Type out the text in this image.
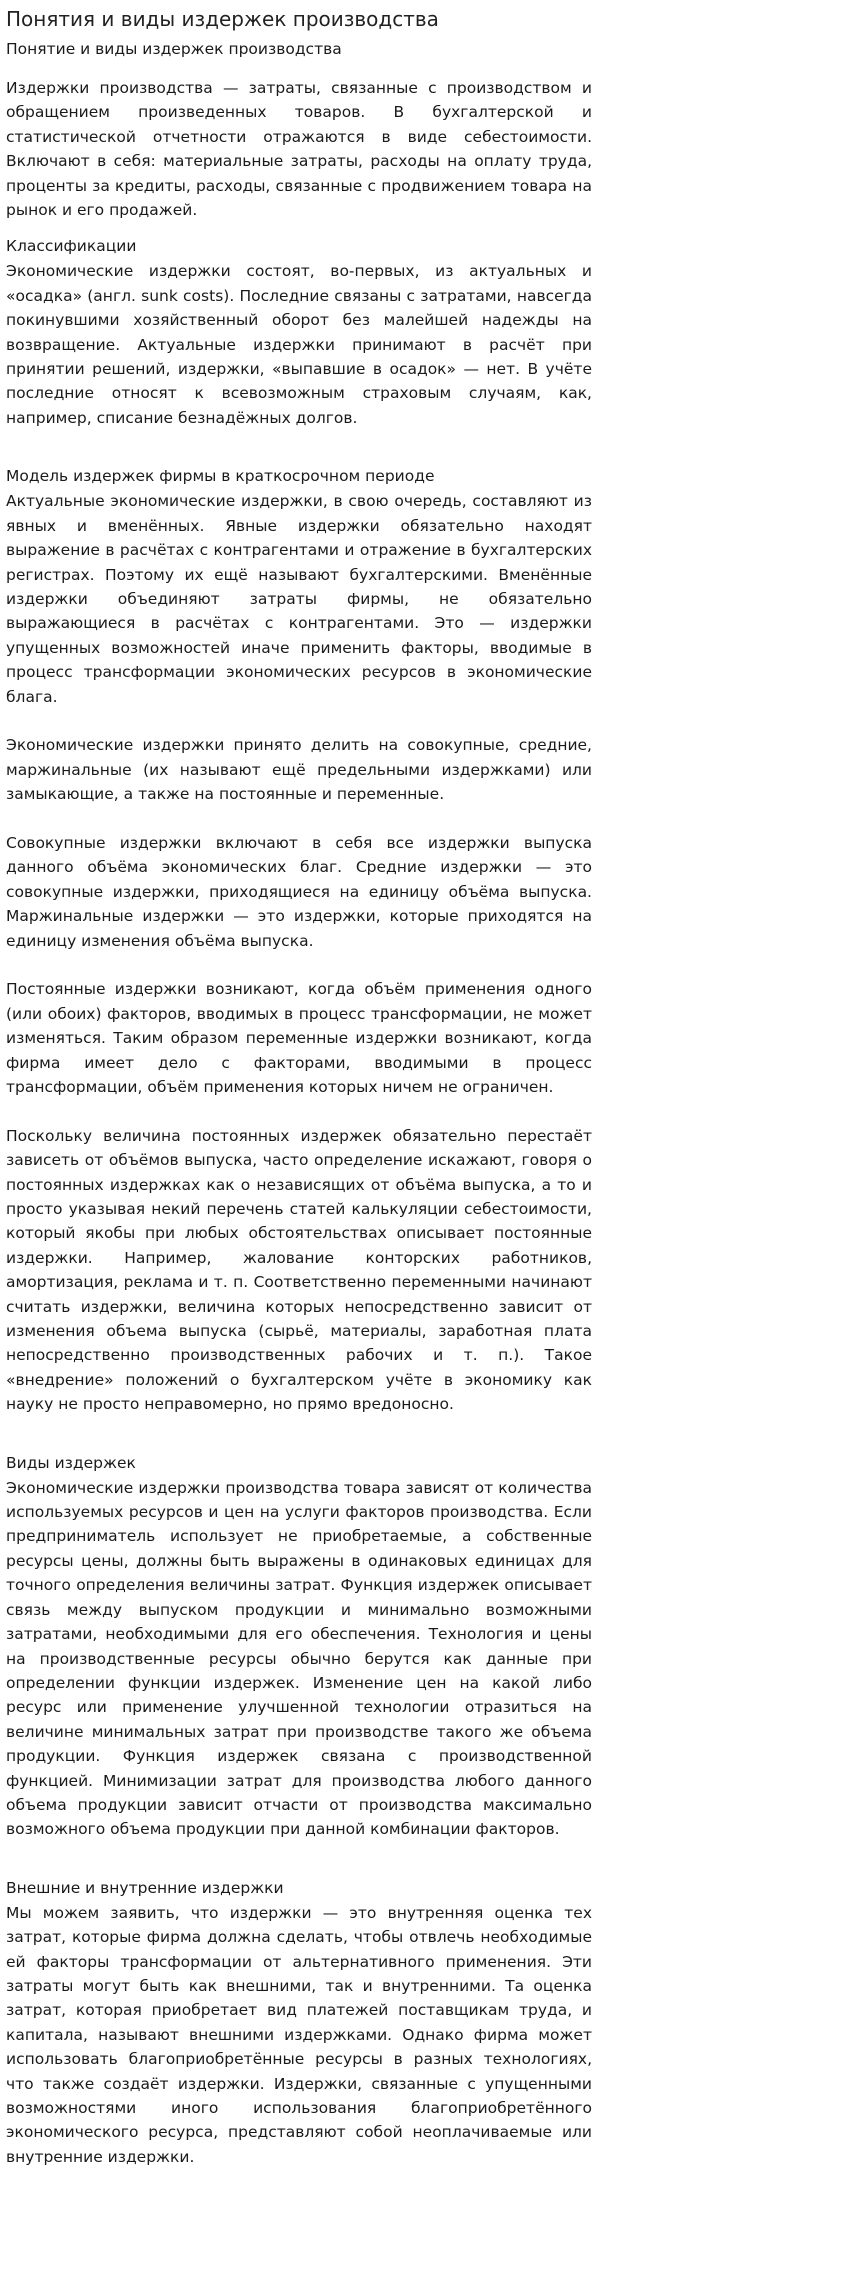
Понятия и виды издержек производства
Понятие и виды издержек производства

Издержки производства — затраты, связанные с производством и обращением произведенных товаров. В бухгалтерской и статистической отчетности отражаются в виде себестоимости. Включают в себя: материальные затраты, расходы на оплату труда, проценты за кредиты, расходы, связанные с продвижением товара на рынок и его продажей.

Классификации

Экономические издержки состоят, во-первых, из актуальных и «осадка» (англ. sunk costs). Последние связаны с затратами, навсегда покинувшими хозяйственный оборот без малейшей надежды на возвращение. Актуальные издержки принимают в расчёт при принятии решений, издержки, «выпавшие в осадок» — нет. В учёте последние относят к всевозможным страховым случаям, как, например, списание безнадёжных долгов.

Модель издержек фирмы в краткосрочном периоде

Актуальные экономические издержки, в свою очередь, составляют из явных и вменённых. Явные издержки обязательно находят выражение в расчётах с контрагентами и отражение в бухгалтерских регистрах. Поэтому их ещё называют бухгалтерскими. Вменённые издержки объединяют затраты фирмы, не обязательно выражающиеся в расчётах с контрагентами. Это — издержки упущенных возможностей иначе применить факторы, вводимые в процесс трансформации экономических ресурсов в экономические блага.

Экономические издержки принято делить на совокупные, средние, маржинальные (их называют ещё предельными издержками) или замыкающие, а также на постоянные и переменные.

Совокупные издержки включают в себя все издержки выпуска данного объёма экономических благ. Средние издержки — это совокупные издержки, приходящиеся на единицу объёма выпуска. Маржинальные издержки — это издержки, которые приходятся на единицу изменения объёма выпуска.

Постоянные издержки возникают, когда объём применения одного (или обоих) факторов, вводимых в процесс трансформации, не может изменяться. Таким образом переменные издержки возникают, когда фирма имеет дело с факторами, вводимыми в процесс трансформации, объём применения которых ничем не ограничен.

Поскольку величина постоянных издержек обязательно перестаёт зависеть от объёмов выпуска, часто определение искажают, говоря о постоянных издержках как о независящих от объёма выпуска, а то и просто указывая некий перечень статей калькуляции себестоимости, который якобы при любых обстоятельствах описывает постоянные издержки. Например, жалование конторских работников, амортизация, реклама и т. п. Соответственно переменными начинают считать издержки, величина которых непосредственно зависит от изменения объема выпуска (сырьё, материалы, заработная плата непосредственно производственных рабочих и т. п.). Такое «внедрение» положений о бухгалтерском учёте в экономику как науку не просто неправомерно, но прямо вредоносно.

Виды издержек

Экономические издержки производства товара зависят от количества используемых ресурсов и цен на услуги факторов производства. Если предприниматель использует не приобретаемые, а собственные ресурсы цены, должны быть выражены в одинаковых единицах для точного определения величины затрат. Функция издержек описывает связь между выпуском продукции и минимально возможными затратами, необходимыми для его обеспечения. Технология и цены на производственные ресурсы обычно берутся как данные при определении функции издержек. Изменение цен на какой либо ресурс или применение улучшенной технологии отразиться на величине минимальных затрат при производстве такого же объема продукции. Функция издержек связана с производственной функцией. Минимизации затрат для производства любого данного объема продукции зависит отчасти от производства максимально возможного объема продукции при данной комбинации факторов.

Внешние и внутренние издержки

Мы можем заявить, что издержки — это внутренняя оценка тех затрат, которые фирма должна сделать, чтобы отвлечь необходимые ей факторы трансформации от альтернативного применения. Эти затраты могут быть как внешними, так и внутренними. Та оценка затрат, которая приобретает вид платежей поставщикам труда, и капитала, называют внешними издержками. Однако фирма может использовать благоприобретённые ресурсы в разных технологиях, что также создаёт издержки. Издержки, связанные с упущенными возможностями иного использования благоприобретённого экономического ресурса, представляют собой неоплачиваемые или внутренние издержки.
